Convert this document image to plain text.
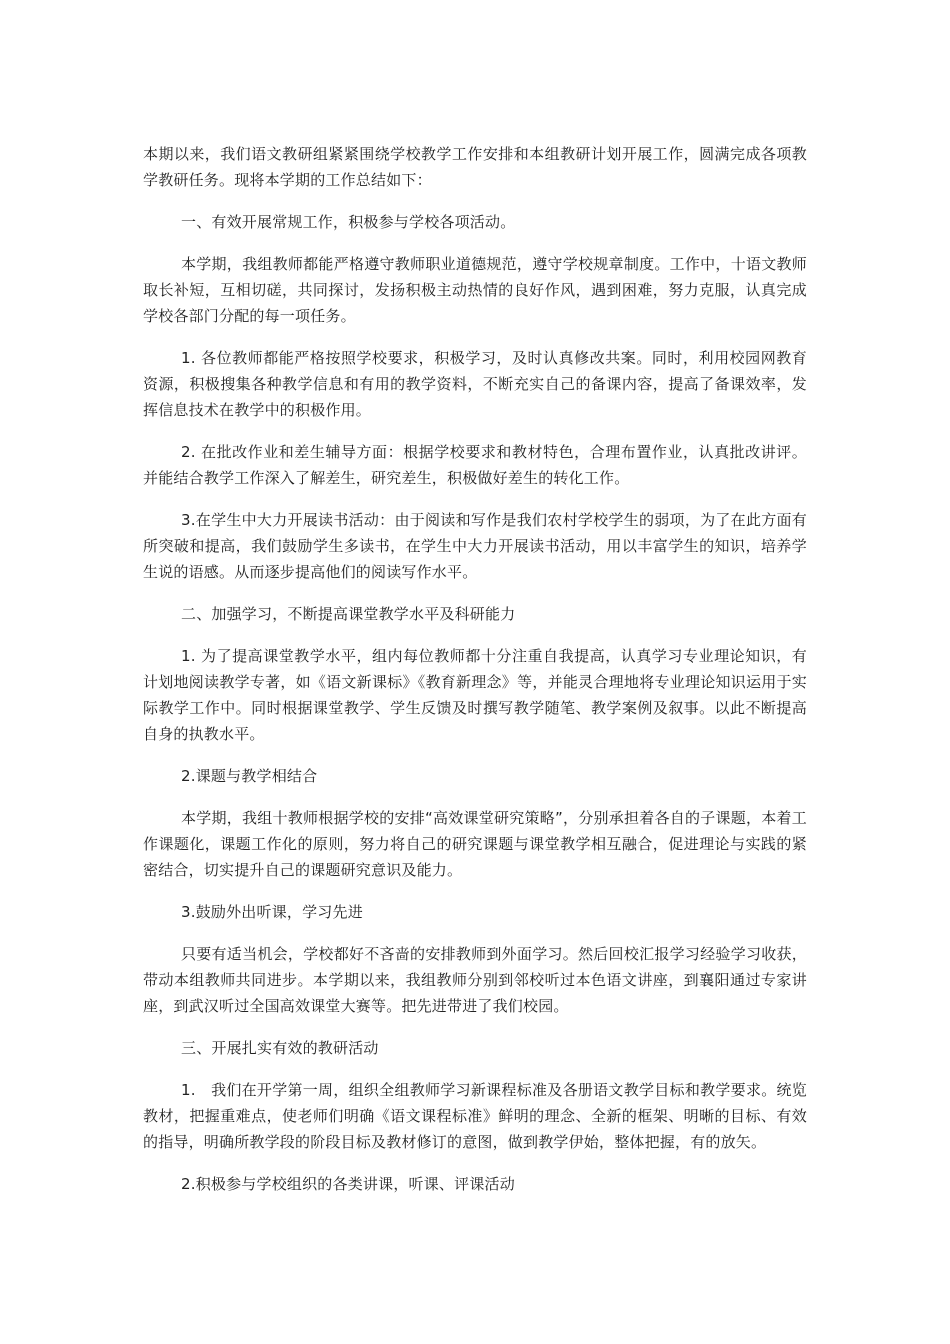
本期以来，我们语文教研组紧紧围绕学校教学工作安排和本组教研计划开展工作，圆满完成各项教学教研任务。现将本学期的工作总结如下：

一、有效开展常规工作，积极参与学校各项活动。

本学期，我组教师都能严格遵守教师职业道德规范，遵守学校规章制度。工作中，十语文教师取长补短，互相切磋，共同探讨，发扬积极主动热情的良好作风，遇到困难，努力克服，认真完成学校各部门分配的每一项任务。

1. 各位教师都能严格按照学校要求，积极学习，及时认真修改共案。同时，利用校园网教育资源，积极搜集各种教学信息和有用的教学资料，不断充实自己的备课内容，提高了备课效率，发挥信息技术在教学中的积极作用。

2. 在批改作业和差生辅导方面：根据学校要求和教材特色，合理布置作业，认真批改讲评。并能结合教学工作深入了解差生，研究差生，积极做好差生的转化工作。

3.在学生中大力开展读书活动：由于阅读和写作是我们农村学校学生的弱项，为了在此方面有所突破和提高，我们鼓励学生多读书，在学生中大力开展读书活动，用以丰富学生的知识，培养学生说的语感。从而逐步提高他们的阅读写作水平。

二、加强学习，不断提高课堂教学水平及科研能力

1. 为了提高课堂教学水平，组内每位教师都十分注重自我提高，认真学习专业理论知识，有计划地阅读教学专著，如《语文新课标》《教育新理念》等，并能灵合理地将专业理论知识运用于实际教学工作中。同时根据课堂教学、学生反馈及时撰写教学随笔、教学案例及叙事。以此不断提高自身的执教水平。

2.课题与教学相结合

本学期，我组十教师根据学校的安排“高效课堂研究策略”，分别承担着各自的子课题，本着工作课题化，课题工作化的原则，努力将自己的研究课题与课堂教学相互融合，促进理论与实践的紧密结合，切实提升自己的课题研究意识及能力。

3.鼓励外出听课，学习先进

只要有适当机会，学校都好不吝啬的安排教师到外面学习。然后回校汇报学习经验学习收获，带动本组教师共同进步。本学期以来，我组教师分别到邻校听过本色语文讲座，到襄阳通过专家讲座，到武汉听过全国高效课堂大赛等。把先进带进了我们校园。

三、开展扎实有效的教研活动

1.　我们在开学第一周，组织全组教师学习新课程标准及各册语文教学目标和教学要求。统览教材，把握重难点，使老师们明确《语文课程标准》鲜明的理念、全新的框架、明晰的目标、有效的指导，明确所教学段的阶段目标及教材修订的意图，做到教学伊始，整体把握，有的放矢。

2.积极参与学校组织的各类讲课，听课、评课活动
